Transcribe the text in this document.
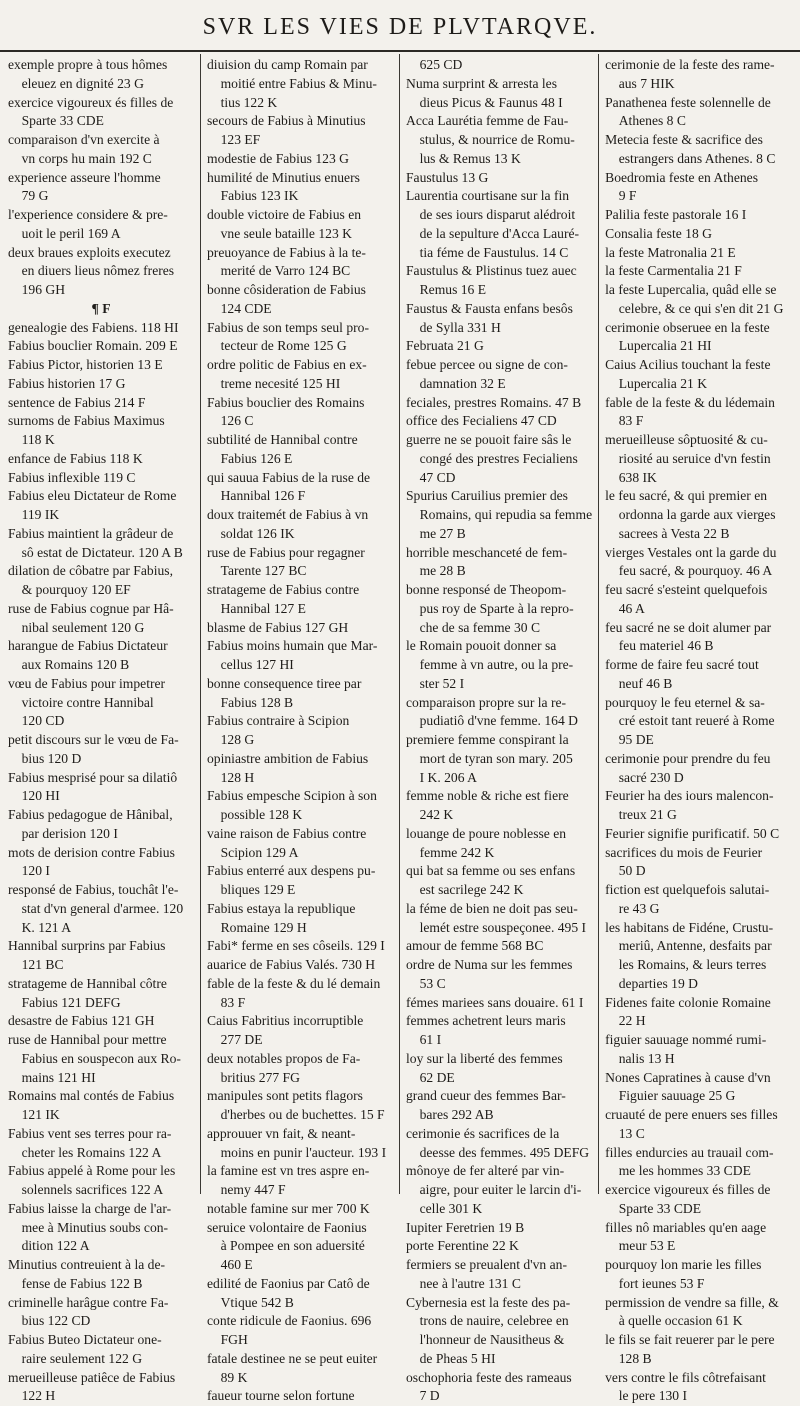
SVR LES VIES DE PLVTARQVE.
exemple propre à tous hômes
 eleuez en dignité 23 G
exercice vigoureux és filles de
 Sparte 33 CDE
comparaison d'vn exercite à
 vn corps hu main 192 C
experience asseure l'homme
 79 G
l'experience considere & pre-
 uoit le peril 169 A
deux braues exploits executez
 en diuers lieus nômez freres
 196 GH
¶ F
genealogie des Fabiens. 118 HI
Fabius bouclier Romain. 209 E
Fabius Pictor, historien 13 E
Fabius historien 17 G
sentence de Fabius 214 F
surnoms de Fabius Maximus
 118 K
enfance de Fabius 118 K
Fabius inflexible 119 C
Fabius eleu Dictateur de Rome
 119 IK
Fabius maintient la grâdeur de
 sô estat de Dictateur. 120 A B
dilation de côbatre par Fabius,
 & pourquoy 120 EF
ruse de Fabius cognue par Hâ-
 nibal seulement 120 G
harangue de Fabius Dictateur
 aux Romains 120 B
vœu de Fabius pour impetrer
 victoire contre Hannibal
 120 CD
petit discours sur le vœu de Fa-
 bius 120 D
Fabius mesprisé pour sa dilatiô
 120 HI
Fabius pedagogue de Hânibal,
 par derision 120 I
mots de derision contre Fabius
 120 I
responsé de Fabius, touchât l'e-
 stat d'vn general d'armee. 120
 K. 121 A
Hannibal surprins par Fabius
 121 BC
stratageme de Hannibal côtre
 Fabius 121 DEFG
desastre de Fabius 121 GH
ruse de Hannibal pour mettre
 Fabius en souspecon aux Ro-
 mains 121 HI
Romains mal contés de Fabius
 121 IK
Fabius vent ses terres pour ra-
 cheter les Romains 122 A
Fabius appelé à Rome pour les
 solennels sacrifices 122 A
Fabius laisse la charge de l'ar-
 mee à Minutius soubs con-
 dition 122 A
Minutius contreuient à la de-
 fense de Fabius 122 B
criminelle harâgue contre Fa-
 bius 122 CD
Fabius Buteo Dictateur one-
 raire seulement 122 G
merueilleuse patiêce de Fabius
 122 H
diuision du camp Romain par
 moitié entre Fabius & Minu-
 tius 122 K
secours de Fabius à Minutius
 123 EF
modestie de Fabius 123 G
humilité de Minutius enuers
 Fabius 123 IK
double victoire de Fabius en
 vne seule bataille 123 K
preuoyance de Fabius à la te-
 merité de Varro 124 BC
bonne côsideration de Fabius
 124 CDE
Fabius de son temps seul pro-
 tecteur de Rome 125 G
ordre politic de Fabius en ex-
 treme necesité 125 HI
Fabius bouclier des Romains
 126 C
subtilité de Hannibal contre
 Fabius 126 E
qui sauua Fabius de la ruse de
 Hannibal 126 F
doux traitemét de Fabius à vn
 soldat 126 IK
ruse de Fabius pour regagner
 Tarente 127 BC
stratageme de Fabius contre
 Hannibal 127 E
blasme de Fabius 127 GH
Fabius moins humain que Mar-
 cellus 127 HI
bonne consequence tiree par
 Fabius 128 B
Fabius contraire à Scipion
 128 G
opiniastre ambition de Fabius
 128 H
Fabius empesche Scipion à son
 possible 128 K
vaine raison de Fabius contre
 Scipion 129 A
Fabius enterré aux despens pu-
 bliques 129 E
Fabius estaya la republique
 Romaine 129 H
Fabi* ferme en ses côseils. 129 I
auarice de Fabius Valés. 730 H
fable de la feste & du lé demain
 83 F
Caius Fabritius incorruptible
 277 DE
deux notables propos de Fa-
 britius 277 FG
manipules sont petits flagors
 d'herbes ou de buchettes. 15 F
approuuer vn fait, & neant-
 moins en punir l'aucteur. 193 I
la famine est vn tres aspre en-
 nemy 447 F
notable famine sur mer 700 K
seruice volontaire de Faonius
 à Pompee en son aduersité
 460 E
edilité de Faonius par Catô de
 Vtique 542 B
conte ridicule de Faonius. 696
 FGH
fatale destinee ne se peut euiter
 89 K
faueur tourne selon fortune
 625 CD
Numa surprint & arresta les
 dieus Picus & Faunus 48 I
Acca Laurétia femme de Fau-
 stulus, & nourrice de Romu-
 lus & Remus 13 K
Faustulus 13 G
Laurentia courtisane sur la fin
 de ses iours disparut alédroit
 de la sepulture d'Acca Lauré-
 tia féme de Faustulus. 14 C
Faustulus & Plistinus tuez auec
 Remus 16 E
Faustus & Fausta enfans besôs
 de Sylla 331 H
Februata 21 G
febue percee ou signe de con-
 damnation 32 E
feciales, prestres Romains. 47 B
office des Fecialiens 47 CD
guerre ne se pouoit faire sâs le
 congé des prestres Fecialiens
 47 CD
Spurius Caruilius premier des
 Romains, qui repudia sa femme
 me 27 B
horrible meschanceté de fem-
 me 28 B
bonne responsé de Theopom-
 pus roy de Sparte à la repro-
 che de sa femme 30 C
le Romain pouoit donner sa
 femme à vn autre, ou la pre-
 ster 52 I
comparaison propre sur la re-
 pudiatiô d'vne femme. 164 D
premiere femme conspirant la
 mort de tyran son mary. 205
 I K. 206 A
femme noble & riche est fiere
 242 K
louange de poure noblesse en
 femme 242 K
qui bat sa femme ou ses enfans
 est sacrilege 242 K
la féme de bien ne doit pas seu-
 lemét estre souspeçonee. 495 I
amour de femme 568 BC
ordre de Numa sur les femmes
 53 C
fémes mariees sans douaire. 61 I
femmes achetrent leurs maris
 61 I
loy sur la liberté des femmes
 62 DE
grand cueur des femmes Bar-
 bares 292 AB
cerimonie és sacrifices de la
 deesse des femmes. 495 DEFG
mônoye de fer alteré par vin-
 aigre, pour euiter le larcin d'i-
 celle 301 K
Iupiter Feretrien 19 B
porte Ferentine 22 K
fermiers se preualent d'vn an-
 nee à l'autre 131 C
Cybernesia est la feste des pa-
 trons de nauire, celebree en
 l'honneur de Nausitheus &
 de Pheas 5 HI
oschophoria feste des rameaus
 7 D
cerimonie de la feste des rame-
 aus 7 HIK
Panathenea feste solennelle de
 Athenes 8 C
Metecia feste & sacrifice des
 estrangers dans Athenes. 8 C
Boedromia feste en Athenes
 9 F
Palilia feste pastorale 16 I
Consalia feste 18 G
la feste Matronalia 21 E
la feste Carmentalia 21 F
la feste Lupercalia, quâd elle se
 celebre, & ce qui s'en dit 21 G
cerimonie obseruee en la feste
 Lupercalia 21 HI
Caius Acilius touchant la feste
 Lupercalia 21 K
fable de la feste & du lédemain
 83 F
merueilleuse sôptuosité & cu-
 riosité au seruice d'vn festin
 638 IK
le feu sacré, & qui premier en
 ordonna la garde aux vierges
 sacrees à Vesta 22 B
vierges Vestales ont la garde du
 feu sacré, & pourquoy. 46 A
feu sacré s'esteint quelquefois
 46 A
feu sacré ne se doit alumer par
 feu materiel 46 B
forme de faire feu sacré tout
 neuf 46 B
pourquoy le feu eternel & sa-
 cré estoit tant reueré à Rome
 95 DE
cerimonie pour prendre du feu
 sacré 230 D
Feurier ha des iours malencon-
 treux 21 G
Feurier signifie purificatif. 50 C
sacrifices du mois de Feurier
 50 D
fiction est quelquefois salutai-
 re 43 G
les habitans de Fidéne, Crustu-
 meriû, Antenne, desfaits par
 les Romains, & leurs terres
 departies 19 D
Fidenes faite colonie Romaine
 22 H
figuier sauuage nommé rumi-
 nalis 13 H
Nones Capratines à cause d'vn
 Figuier sauuage 25 G
cruauté de pere enuers ses filles
 13 C
filles endurcies au trauail com-
 me les hommes 33 CDE
exercice vigoureux és filles de
 Sparte 33 CDE
filles nô mariables qu'en aage
 meur 53 E
pourquoy lon marie les filles
 fort ieunes 53 F
permission de vendre sa fille, &
 à quelle occasion 61 K
le fils se fait reuerer par le pere
 128 B
vers contre le fils côtrefaisant
 le pere 130 I
